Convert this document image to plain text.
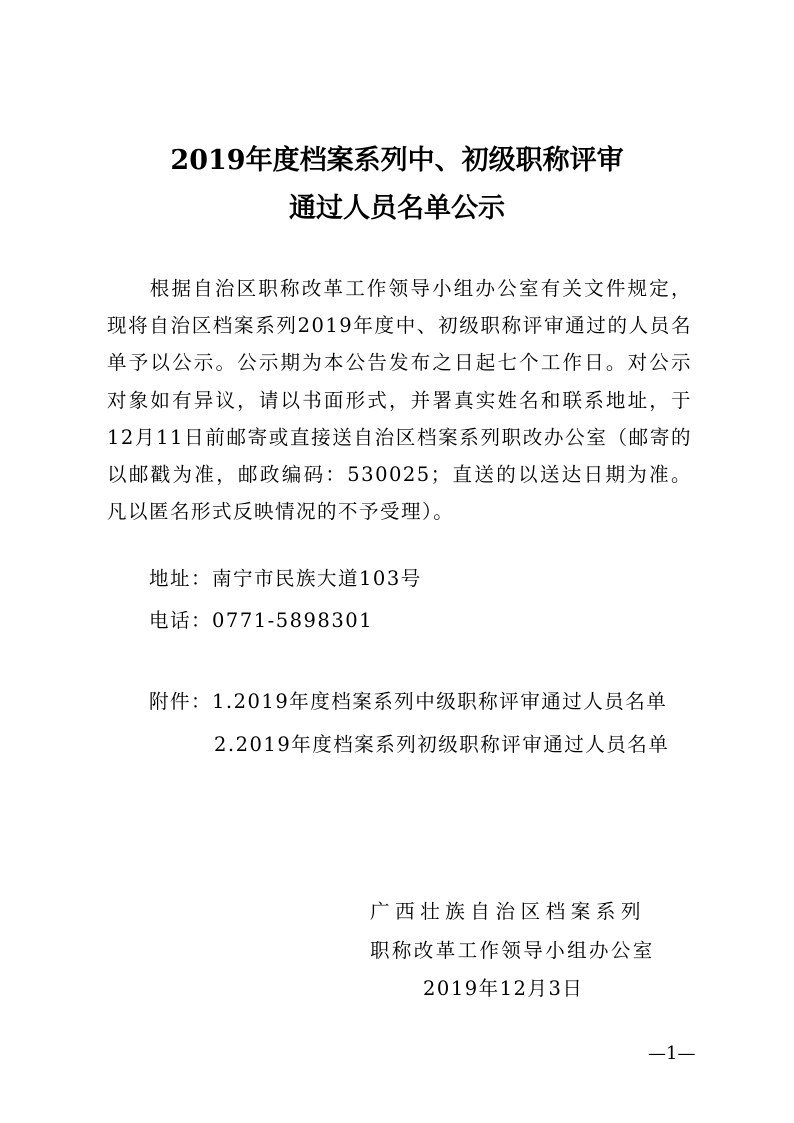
2019年度档案系列中、初级职称评审
通过人员名单公示
根据自治区职称改革工作领导小组办公室有关文件规定，现将自治区档案系列2019年度中、初级职称评审通过的人员名单予以公示。公示期为本公告发布之日起七个工作日。对公示对象如有异议，请以书面形式，并署真实姓名和联系地址，于12月11日前邮寄或直接送自治区档案系列职改办公室（邮寄的以邮戳为准，邮政编码：530025；直送的以送达日期为准。凡以匿名形式反映情况的不予受理）。
地址：南宁市民族大道103号
电话：0771-5898301
附件：1.2019年度档案系列中级职称评审通过人员名单
2.2019年度档案系列初级职称评审通过人员名单
广西壮族自治区档案系列
职称改革工作领导小组办公室
2019年12月3日
—1—
